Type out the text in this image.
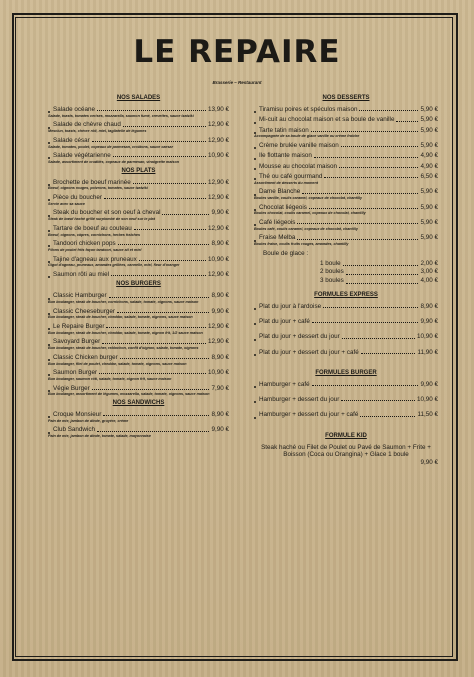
LE REPAIRE
Brasserie – Restaurant
NOS SALADES
Salade océane	13,90 €
Salade, toasts, tomates cerises, mozzarella, saumon fumé, crevettes, sauce tzatziki
Salade de chèvre chaud	12,90 €
Mesclun, toasts, chèvre rôti, miel, tagliatelle de légumes
Salade césar	12,90 €
Salade, tomates, poulet, copeaux de parmesan, croûtons, sauce caesar
Salade végétarienne	10,90 €
Salade, assortiment de crudités, copeaux de parmesan, vinaigrette maison
NOS PLATS
Brochette de boeuf marinée	12,90 €
Boeuf, oignons rouges, poivrons, tomates, sauce tzatziki
Pièce du boucher	12,90 €
Servie avec sa sauce
Steak du boucher et son oeuf à cheval	9,90 €
Steak de bœuf haché grillé surplombé de son oeuf sur le plat
Tartare de boeuf au couteau	12,90 €
Boeuf, oignons, câpres, cornichons, herbes fraîches
Tandoori chicken pops	8,90 €
Pilons de poulet frits façon tandoori, sauce ail et miel
Tajine d'agneau aux pruneaux	10,90 €
Gigot d'agneau, pruneaux, amandes grillées, cannelle, miel, fleur d'oranger
Saumon rôti au miel	12,90 €
NOS BURGERS
Classic Hamburger	8,90 €
Bun boulanger, steak de boucher, cornichons, salade, tomate, oignons, sauce maison
Classic Cheeseburger	9,90 €
Bun boulanger, steak de boucher, cheddar, salade, tomate, oignons, sauce maison
Le Repaire Burger	12,90 €
Bun boulanger, steak de boucher, cheddar, salade, tomate, oignon frit, 1/2 sauce maison
Savoyard Burger	12,90 €
Bun boulanger, steak de boucher, reblochon, confit d'oignon, salade, tomate, oignons
Classic Chicken burger	8,90 €
Bun boulanger, filet de poulet, cheddar, salade, tomate, oignons, sauce maison
Saumon Burger	10,90 €
Bun boulanger, saumon rôti, salade, tomate, oignon frit, sauce maison
Végie Burger	7,90 €
Bun boulanger, assortiment de légumes, mozzarella, salade, tomate, oignons, sauce maison
NOS SANDWICHS
Croque Monsieur	8,90 €
Pain de mie, jambon de dinde, gruyère, crème
Club Sandwich	9,90 €
Pain de mie, jambon de dinde, tomate, salade, mayonnaise
NOS DESSERTS
Tiramisu poires et spéculos maison	5,90 €
Mi-cuit au chocolat maison et sa boule de vanille	5,90 €
Tarte tatin maison	5,90 €
Accompagnée de sa boule de glace vanille ou crème fraîche
Crème brulée vanille maison	5,90 €
Ile flottante maison	4,90 €
Mousse au chocolat maison	4,90 €
Thé ou café gourmand	6,50 €
Assortiment de desserts du moment
Dame Blanche	5,90 €
Boules vanille, coulis caramel, copeaux de chocolat, chantilly
Chocolat liégeois	5,90 €
Boules chocolat, coulis caramel, copeaux de chocolat, chantilly
Café liégeois	5,90 €
Boules café, coulis caramel, copeaux de chocolat, chantilly
Fraise Melba	5,90 €
Boules fraise, coulis fruits rouges, amandes, chantilly
Boule de glace :
1 boule	2,00 €
2 boules	3,00 €
3 boules	4,00 €
FORMULES EXPRESS
Plat du jour à l'ardoise	8,90 €
Plat du jour + café	9,90 €
Plat du jour + dessert du jour	10,90 €
Plat du jour + dessert du jour + café	11,90 €
FORMULES BURGER
Hamburger + café	9,90 €
Hamburger + dessert du jour	10,90 €
Hamburger + dessert du jour + café	11,50 €
FORMULE KID
Steak haché ou Filet de Poulet ou Pavé de Saumon + Frite + Boisson (Coca ou Orangina) + Glace 1 boule
9,90 €
